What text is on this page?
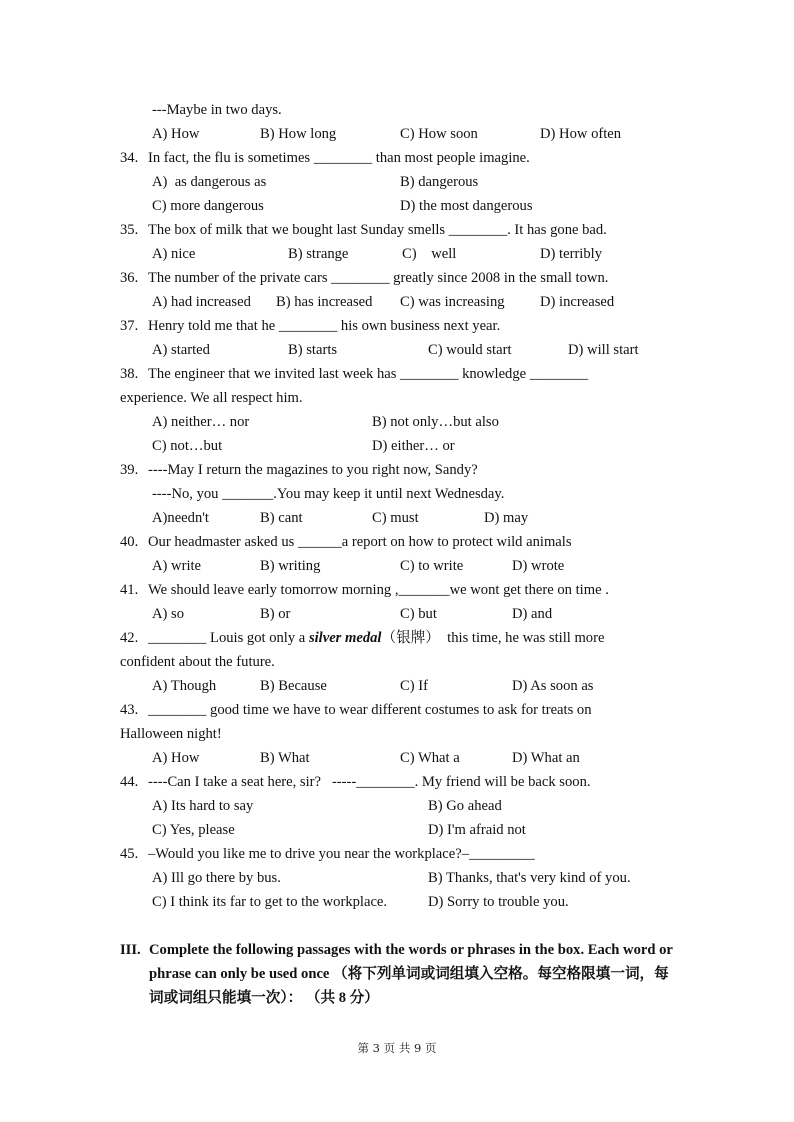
---Maybe in two days.
A) How	B) How long	C) How soon	D) How often
34. In fact, the flu is sometimes ________ than most people imagine.
A)  as dangerous as	B) dangerous
C) more dangerous	D) the most dangerous
35. The box of milk that we bought last Sunday smells ________. It has gone bad.
A) nice	B) strange	C)    well	D) terribly
36. The number of the private cars ________ greatly since 2008 in the small town.
A) had increased B) has increased C) was increasing D) increased
37. Henry told me that he ________ his own business next year.
A) started	B) starts	C) would start	D) will start
38. The engineer that we invited last week has ________ knowledge ________
experience. We all respect him.
A) neither… nor	B) not only…but also
C) not…but	D) either… or
39. ----May I return the magazines to you right now, Sandy?
----No, you _______.You may keep it until next Wednesday.
A)needn't	B) cant	C) must	D) may
40. Our headmaster asked us ______a report on how to protect wild animals
A) write	B) writing	C) to write	D) wrote
41. We should leave early tomorrow morning ,_______we wont get there on time .
A) so	B) or	C) but	D) and
42. ________ Louis got only a silver medal（银牌）  this time, he was still more
confident about the future.
A) Though	B) Because	C) If	D) As soon as
43. ________ good time we have to wear different costumes to ask for treats on
Halloween night!
A) How	B) What	C) What a	D) What an
44. ----Can I take a seat here, sir?   -----________. My friend will be back soon.
A) Its hard to say	B) Go ahead
C) Yes, please	D) I'm afraid not
45. –Would you like me to drive you near the workplace?–_________
A) Ill go there by bus.	B) Thanks, that's very kind of you.
C) I think its far to get to the workplace.	D) Sorry to trouble you.
III. Complete the following passages with the words or phrases in the box. Each word or phrase can only be used once （将下列单词或词组填入空格。每空格限填一词，每词或词组只能填一次）： （共 8 分）
第 3 页 共 9 页
